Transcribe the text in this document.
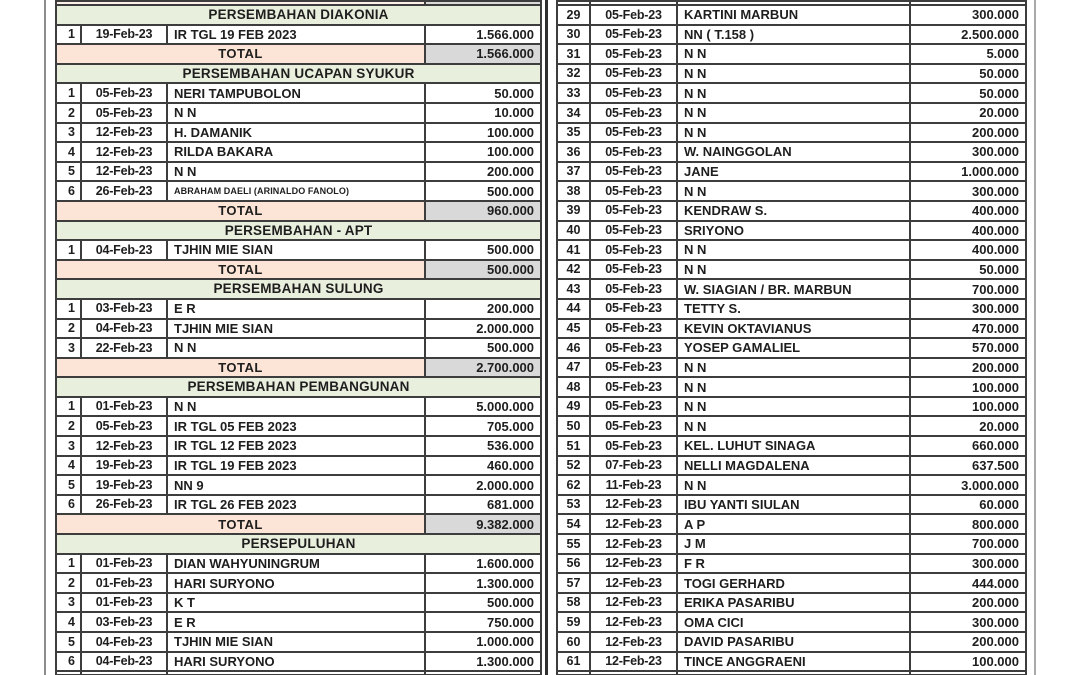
PERSEMBAHAN DIAKONIA			
1	19-Feb-23	IR TGL 19 FEB 2023	1.566.000
TOTAL			1.566.000
PERSEMBAHAN UCAPAN SYUKUR			
1	05-Feb-23	NERI TAMPUBOLON	50.000
2	05-Feb-23	N N	10.000
3	12-Feb-23	H. DAMANIK	100.000
4	12-Feb-23	RILDA BAKARA	100.000
5	12-Feb-23	N N	200.000
6	26-Feb-23	ABRAHAM DAELI (ARINALDO FANOLO)	500.000
TOTAL			960.000
PERSEMBAHAN - APT			
1	04-Feb-23	TJHIN MIE SIAN	500.000
TOTAL			500.000
PERSEMBAHAN SULUNG			
1	03-Feb-23	E R	200.000
2	04-Feb-23	TJHIN MIE SIAN	2.000.000
3	22-Feb-23	N N	500.000
TOTAL			2.700.000
PERSEMBAHAN PEMBANGUNAN			
1	01-Feb-23	N N	5.000.000
2	05-Feb-23	IR TGL 05 FEB 2023	705.000
3	12-Feb-23	IR TGL 12 FEB 2023	536.000
4	19-Feb-23	IR TGL 19 FEB 2023	460.000
5	19-Feb-23	NN 9	2.000.000
6	26-Feb-23	IR TGL 26 FEB 2023	681.000
TOTAL			9.382.000
PERSEPULUHAN			
1	01-Feb-23	DIAN WAHYUNINGRUM	1.600.000
2	01-Feb-23	HARI SURYONO	1.300.000
3	01-Feb-23	K T	500.000
4	03-Feb-23	E R	750.000
5	04-Feb-23	TJHIN MIE SIAN	1.000.000
6	04-Feb-23	HARI SURYONO	1.300.000

29	05-Feb-23	KARTINI MARBUN	300.000
30	05-Feb-23	NN ( T.158 )	2.500.000
31	05-Feb-23	N N	5.000
32	05-Feb-23	N N	50.000
33	05-Feb-23	N N	50.000
34	05-Feb-23	N N	20.000
35	05-Feb-23	N N	200.000
36	05-Feb-23	W. NAINGGOLAN	300.000
37	05-Feb-23	JANE	1.000.000
38	05-Feb-23	N N	300.000
39	05-Feb-23	KENDRAW S.	400.000
40	05-Feb-23	SRIYONO	400.000
41	05-Feb-23	N N	400.000
42	05-Feb-23	N N	50.000
43	05-Feb-23	W. SIAGIAN / BR. MARBUN	700.000
44	05-Feb-23	TETTY S.	300.000
45	05-Feb-23	KEVIN OKTAVIANUS	470.000
46	05-Feb-23	YOSEP GAMALIEL	570.000
47	05-Feb-23	N N	200.000
48	05-Feb-23	N N	100.000
49	05-Feb-23	N N	100.000
50	05-Feb-23	N N	20.000
51	05-Feb-23	KEL. LUHUT SINAGA	660.000
52	07-Feb-23	NELLI MAGDALENA	637.500
62	11-Feb-23	N N	3.000.000
53	12-Feb-23	IBU YANTI SIULAN	60.000
54	12-Feb-23	A P	800.000
55	12-Feb-23	J M	700.000
56	12-Feb-23	F R	300.000
57	12-Feb-23	TOGI GERHARD	444.000
58	12-Feb-23	ERIKA PASARIBU	200.000
59	12-Feb-23	OMA CICI	300.000
60	12-Feb-23	DAVID PASARIBU	200.000
61	12-Feb-23	TINCE ANGGRAENI	100.000
